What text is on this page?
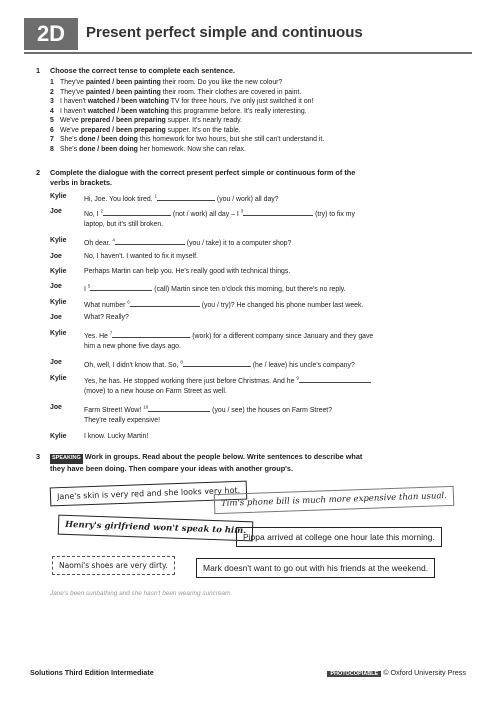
2D	Present perfect simple and continuous
1 Choose the correct tense to complete each sentence.
1 They've painted / been painting their room. Do you like the new colour?
2 They've painted / been painting their room. Their clothes are covered in paint.
3 I haven't watched / been watching TV for three hours. I've only just switched it on!
4 I haven't watched / been watching this programme before. It's really interesting.
5 We've prepared / been preparing supper. It's nearly ready.
6 We've prepared / been preparing supper. It's on the table.
7 She's done / been doing this homework for two hours, but she still can't understand it.
8 She's done / been doing her homework. Now she can relax.
2 Complete the dialogue with the correct present perfect simple or continuous form of the
verbs in brackets.
Kylie	Hi, Joe. You look tired. $^1$	(you / work) all day?
Joe	No, I $^2$	(not / work) all day – I $^3$	(try) to fix my
laptop, but it's still broken.
Kylie	Oh dear. $^4$	(you / take) it to a computer shop?
Joe	No, I haven't. I wanted to fix it myself.
Kylie	Perhaps Martin can help you. He's really good with technical things.
Joe	I $^5$	(call) Martin since ten o'clock this morning, but there's no reply.
Kylie	What number $^6$	(you / try)? He changed his phone number last week.
Joe	What? Really?
Kylie	Yes. He $^7$	(work) for a different company since January and they gave
him a new phone five days ago.
Joe	Oh, well, I didn't know that. So, $^8$	(he / leave) his uncle's company?
Kylie	Yes, he has. He stopped working there just before Christmas. And he $^9$
(move) to a new house on Farm Street as well.
Joe	Farm Street! Wow! $^{10}$	(you / see) the houses on Farm Street?
They're really expensive!
Kylie	I know. Lucky Martin!
3	SPEAKING Work in groups. Read about the people below. Write sentences to describe what
they have been doing. Then compare your ideas with another group's.
Jane's skin is very red and she looks very hot.
Tim's phone bill is much more expensive than usual.
Henry's girlfriend won't speak to him.
Pippa arrived at college one hour late this morning.
Naomi's shoes are very dirty.	Mark doesn't want to go out with his friends at the weekend.
Jane's been sunbathing and she hasn't been wearing suncream.
Solutions Third Edition Intermediate	PHOTOCOPIABLE © Oxford University Press
